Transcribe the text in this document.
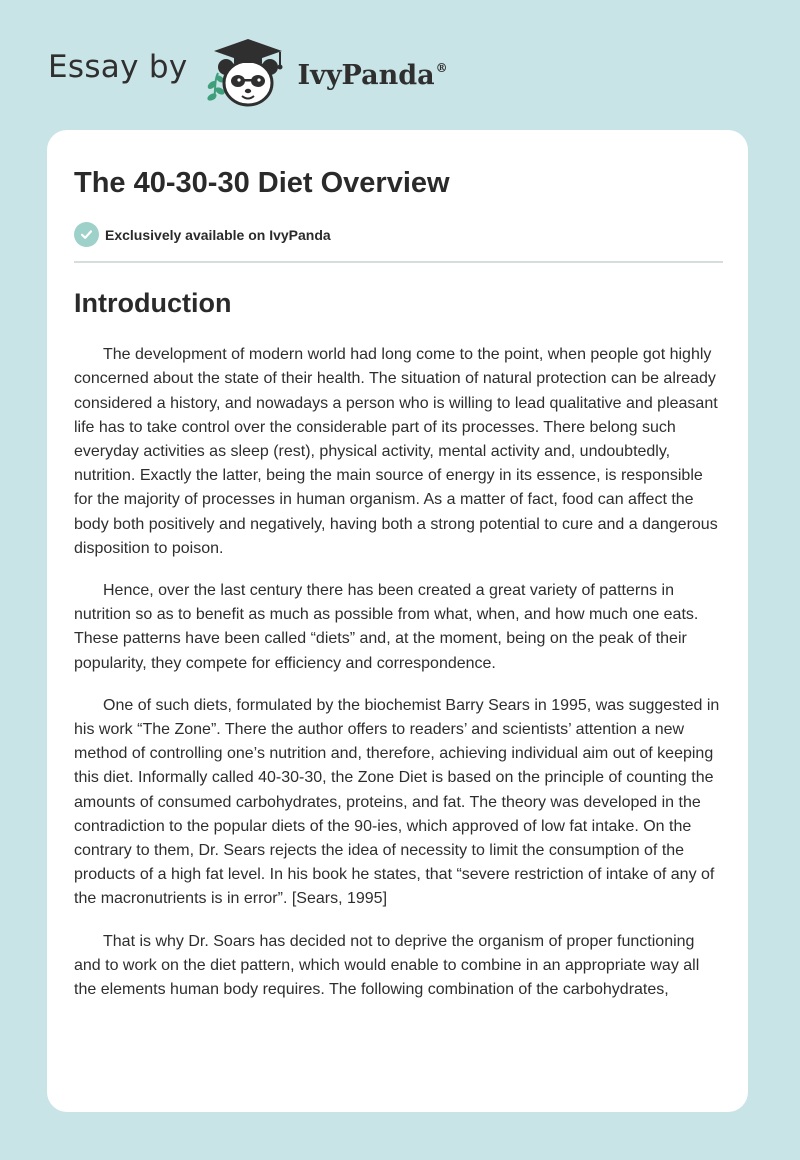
Essay by	IvyPanda®
The 40-30-30 Diet Overview
Exclusively available on IvyPanda
Introduction

The development of modern world had long come to the point, when people got highly concerned about the state of their health. The situation of natural protection can be already considered a history, and nowadays a person who is willing to lead qualitative and pleasant life has to take control over the considerable part of its processes. There belong such everyday activities as sleep (rest), physical activity, mental activity and, undoubtedly, nutrition. Exactly the latter, being the main source of energy in its essence, is responsible for the majority of processes in human organism. As a matter of fact, food can affect the body both positively and negatively, having both a strong potential to cure and a dangerous disposition to poison.

Hence, over the last century there has been created a great variety of patterns in nutrition so as to benefit as much as possible from what, when, and how much one eats. These patterns have been called “diets” and, at the moment, being on the peak of their popularity, they compete for efficiency and correspondence.

One of such diets, formulated by the biochemist Barry Sears in 1995, was suggested in his work “The Zone”. There the author offers to readers’ and scientists’ attention a new method of controlling one’s nutrition and, therefore, achieving individual aim out of keeping this diet. Informally called 40-30-30, the Zone Diet is based on the principle of counting the amounts of consumed carbohydrates, proteins, and fat. The theory was developed in the contradiction to the popular diets of the 90-ies, which approved of low fat intake. On the contrary to them, Dr. Sears rejects the idea of necessity to limit the consumption of the products of a high fat level. In his book he states, that “severe restriction of intake of any of the macronutrients is in error”. [Sears, 1995]

That is why Dr. Soars has decided not to deprive the organism of proper functioning and to work on the diet pattern, which would enable to combine in an appropriate way all the elements human body requires. The following combination of the carbohydrates,
